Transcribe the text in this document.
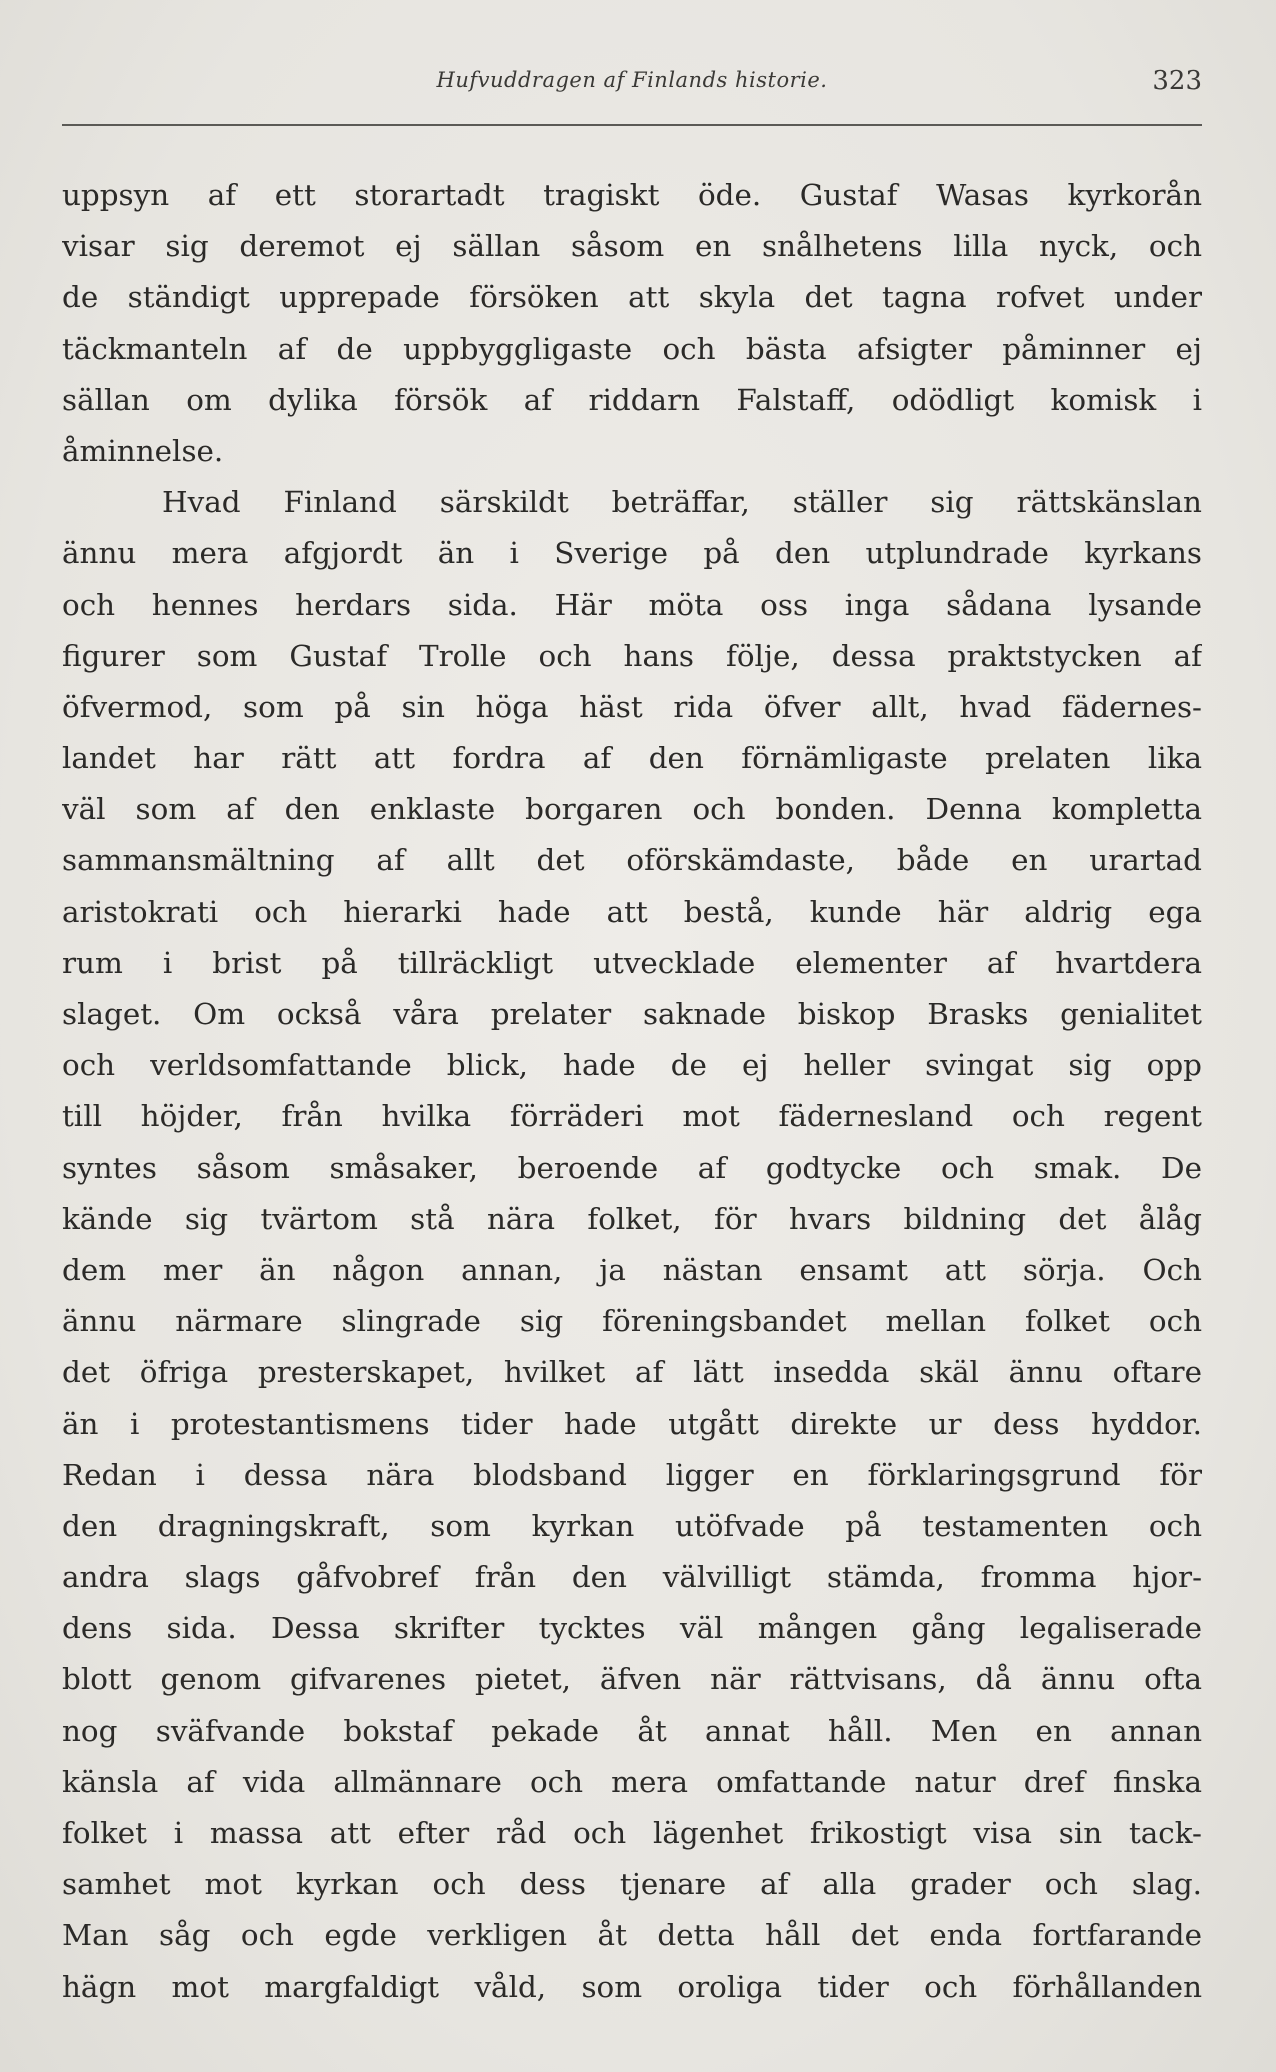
Hufvuddragen af Finlands historie.	323
uppsyn af ett storartadt tragiskt öde. Gustaf Wasas kyrkorån
visar sig deremot ej sällan såsom en snålhetens lilla nyck, och
de ständigt upprepade försöken att skyla det tagna rofvet under
täckmanteln af de uppbyggligaste och bästa afsigter påminner ej
sällan om dylika försök af riddarn Falstaff, odödligt komisk i
åminnelse.
Hvad Finland särskildt beträffar, ställer sig rättskänslan
ännu mera afgjordt än i Sverige på den utplundrade kyrkans
och hennes herdars sida. Här möta oss inga sådana lysande
figurer som Gustaf Trolle och hans följe, dessa praktstycken af
öfvermod, som på sin höga häst rida öfver allt, hvad fädernes-
landet har rätt att fordra af den förnämligaste prelaten lika
väl som af den enklaste borgaren och bonden. Denna kompletta
sammansmältning af allt det oförskämdaste, både en urartad
aristokrati och hierarki hade att bestå, kunde här aldrig ega
rum i brist på tillräckligt utvecklade elementer af hvartdera
slaget. Om också våra prelater saknade biskop Brasks genialitet
och verldsomfattande blick, hade de ej heller svingat sig opp
till höjder, från hvilka förräderi mot fädernesland och regent
syntes såsom småsaker, beroende af godtycke och smak. De
kände sig tvärtom stå nära folket, för hvars bildning det ålåg
dem mer än någon annan, ja nästan ensamt att sörja. Och
ännu närmare slingrade sig föreningsbandet mellan folket och
det öfriga presterskapet, hvilket af lätt insedda skäl ännu oftare
än i protestantismens tider hade utgått direkte ur dess hyddor.
Redan i dessa nära blodsband ligger en förklaringsgrund för
den dragningskraft, som kyrkan utöfvade på testamenten och
andra slags gåfvobref från den välvilligt stämda, fromma hjor-
dens sida. Dessa skrifter tycktes väl mången gång legaliserade
blott genom gifvarenes pietet, äfven när rättvisans, då ännu ofta
nog sväfvande bokstaf pekade åt annat håll. Men en annan
känsla af vida allmännare och mera omfattande natur dref finska
folket i massa att efter råd och lägenhet frikostigt visa sin tack-
samhet mot kyrkan och dess tjenare af alla grader och slag.
Man såg och egde verkligen åt detta håll det enda fortfarande
hägn mot margfaldigt våld, som oroliga tider och förhållanden
